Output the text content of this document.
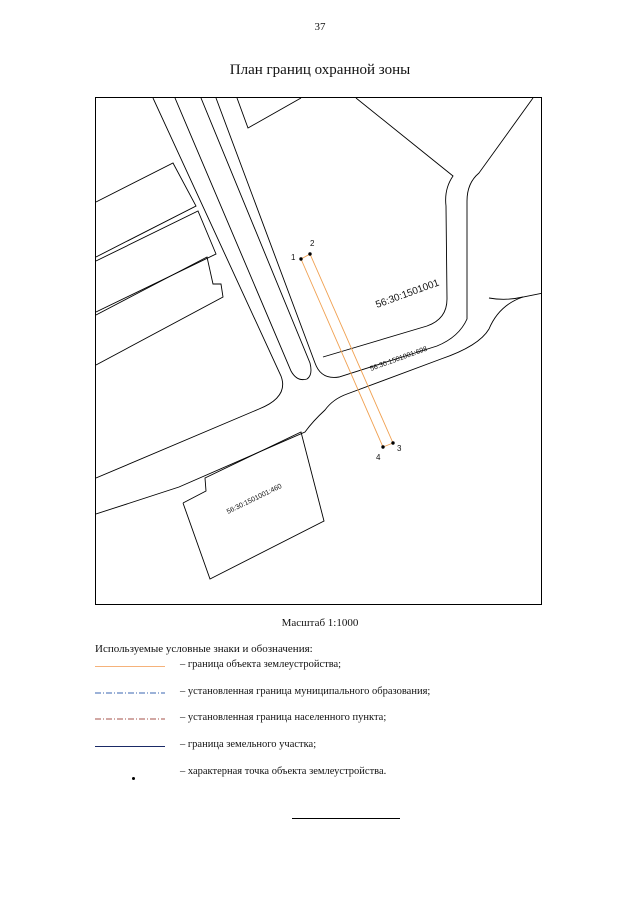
37
План границ охранной зоны
1
2
3
4
56:30:1501001
56:30:1501001:698
56:30:1501001:460
Масштаб 1:1000
Используемые условные знаки и обозначения:
– граница объекта землеустройства;
– установленная граница муниципального образования;
– установленная граница населенного пункта;
– граница земельного участка;
– характерная точка объекта землеустройства.
